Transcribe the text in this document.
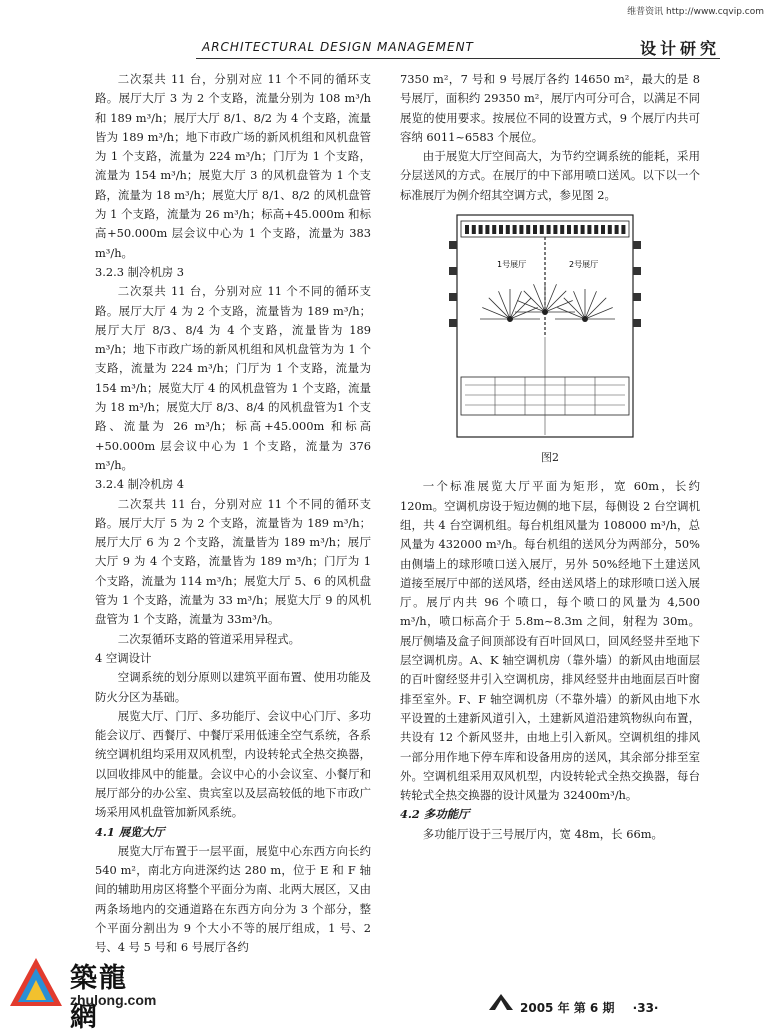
维普资讯 http://www.cqvip.com
ARCHITECTURAL DESIGN MANAGEMENT	设计研究

二次泵共 11 台，分别对应 11 个不同的循环支路。展厅大厅 3 为 2 个支路，流量分别为 108 m³/h 和 189 m³/h；展厅大厅 8/1、8/2 为 4 个支路，流量皆为 189 m³/h；地下市政广场的新风机组和风机盘管为 1 个支路，流量为 224 m³/h；门厅为 1 个支路，流量为 154 m³/h；展览大厅 3 的风机盘管为 1 个支路，流量为 18 m³/h；展览大厅 8/1、8/2 的风机盘管为 1 个支路，流量为 26 m³/h；标高+45.000m 和标高+50.000m 层会议中心为 1 个支路，流量为 383 m³/h。

3.2.3 制冷机房 3

二次泵共 11 台，分别对应 11 个不同的循环支路。展厅大厅 4 为 2 个支路，流量皆为 189 m³/h；展厅大厅 8/3、8/4 为 4 个支路，流量皆为 189 m³/h；地下市政广场的新风机组和风机盘管为为 1 个支路，流量为 224 m³/h；门厅为 1 个支路，流量为 154 m³/h；展览大厅 4 的风机盘管为 1 个支路，流量为 18 m³/h；展览大厅 8/3、8/4 的风机盘管为1 个支路、流量为 26 m³/h；标高+45.000m 和标高+50.000m 层会议中心为 1 个支路，流量为 376 m³/h。

3.2.4 制冷机房 4

二次泵共 11 台，分别对应 11 个不同的循环支路。展厅大厅 5 为 2 个支路，流量皆为 189 m³/h；展厅大厅 6 为 2 个支路，流量皆为 189 m³/h；展厅大厅 9 为 4 个支路，流量皆为 189 m³/h；门厅为 1 个支路，流量为 114 m³/h；展览大厅 5、6 的风机盘管为 1 个支路，流量为 33 m³/h；展览大厅 9 的风机盘管为 1 个支路，流量为 33m³/h。

二次泵循环支路的管道采用异程式。

4 空调设计

空调系统的划分原则以建筑平面布置、使用功能及防火分区为基础。

展览大厅、门厅、多功能厅、会议中心门厅、多功能会议厅、西餐厅、中餐厅采用低速全空气系统，各系统空调机组均采用双风机型，内设转轮式全热交换器，以回收排风中的能量。会议中心的小会议室、小餐厅和展厅部分的办公室、贵宾室以及层高较低的地下市政广场采用风机盘管加新风系统。

4.1 展览大厅

展览大厅布置于一层平面，展览中心东西方向长约 540 m²，南北方向进深约达 280 m，位于 E 和 F 轴间的辅助用房区将整个平面分为南、北两大展区，又由两条场地内的交通道路在东西方向分为 3 个部分，整个平面分割出为 9 个大小不等的展厅组成，1 号、2 号、4 号 5 号和 6 号展厅各约

7350 m²，7 号和 9 号展厅各约 14650 m²，最大的是 8 号展厅，面积约 29350 m²，展厅内可分可合，以满足不同展览的使用要求。按展位不同的设置方式，9 个展厅内共可容纳 6011~6583 个展位。

由于展览大厅空间高大，为节约空调系统的能耗，采用分层送风的方式。在展厅的中下部用喷口送风。以下以一个标准展厅为例介绍其空调方式，参见图 2。

1号展厅	2号展厅
图2

一个标准展览大厅平面为矩形，宽 60m，长约 120m。空调机房设于短边侧的地下层，每侧设 2 台空调机组，共 4 台空调机组。每台机组风量为 108000 m³/h，总风量为 432000 m³/h。每台机组的送风分为两部分，50%由侧墙上的球形喷口送入展厅，另外 50%经地下土建送风道接至展厅中部的送风塔，经由送风塔上的球形喷口送入展厅。展厅内共 96 个喷口，每个喷口的风量为 4,500 m³/h，喷口标高介于 5.8m~8.3m 之间，射程为 30m。展厅侧墙及盒子间顶部设有百叶回风口，回风经竖井至地下层空调机房。A、K 轴空调机房（靠外墙）的新风由地面层的百叶窗经竖井引入空调机房，排风经竖井由地面层百叶窗排至室外。F、F 轴空调机房（不靠外墙）的新风由地下水平设置的土建新风道引入，土建新风道沿建筑物纵向布置，共设有 12 个新风竖井，由地上引入新风。空调机组的排风一部分用作地下停车库和设备用房的送风，其余部分排至室外。空调机组采用双风机型，内设转轮式全热交换器，每台转轮式全热交换器的设计风量为 32400m³/h。

4.2 多功能厅

多功能厅设于三号展厅内，宽 48m，长 66m。

築龍網
zhulong.com	2005 年 第 6 期 ·33·
